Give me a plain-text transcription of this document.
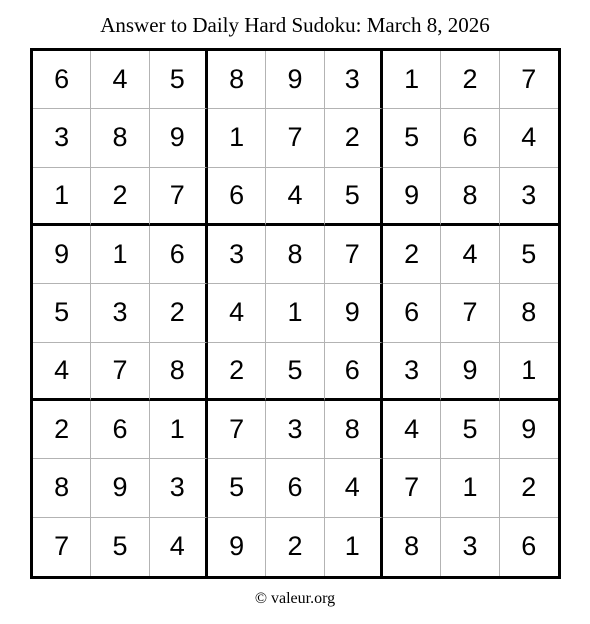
Answer to Daily Hard Sudoku: March 8, 2026
6	4	5	8	9	3	1	2	7
3	8	9	1	7	2	5	6	4
1	2	7	6	4	5	9	8	3
9	1	6	3	8	7	2	4	5
5	3	2	4	1	9	6	7	8
4	7	8	2	5	6	3	9	1
2	6	1	7	3	8	4	5	9
8	9	3	5	6	4	7	1	2
7	5	4	9	2	1	8	3	6
© valeur.org
